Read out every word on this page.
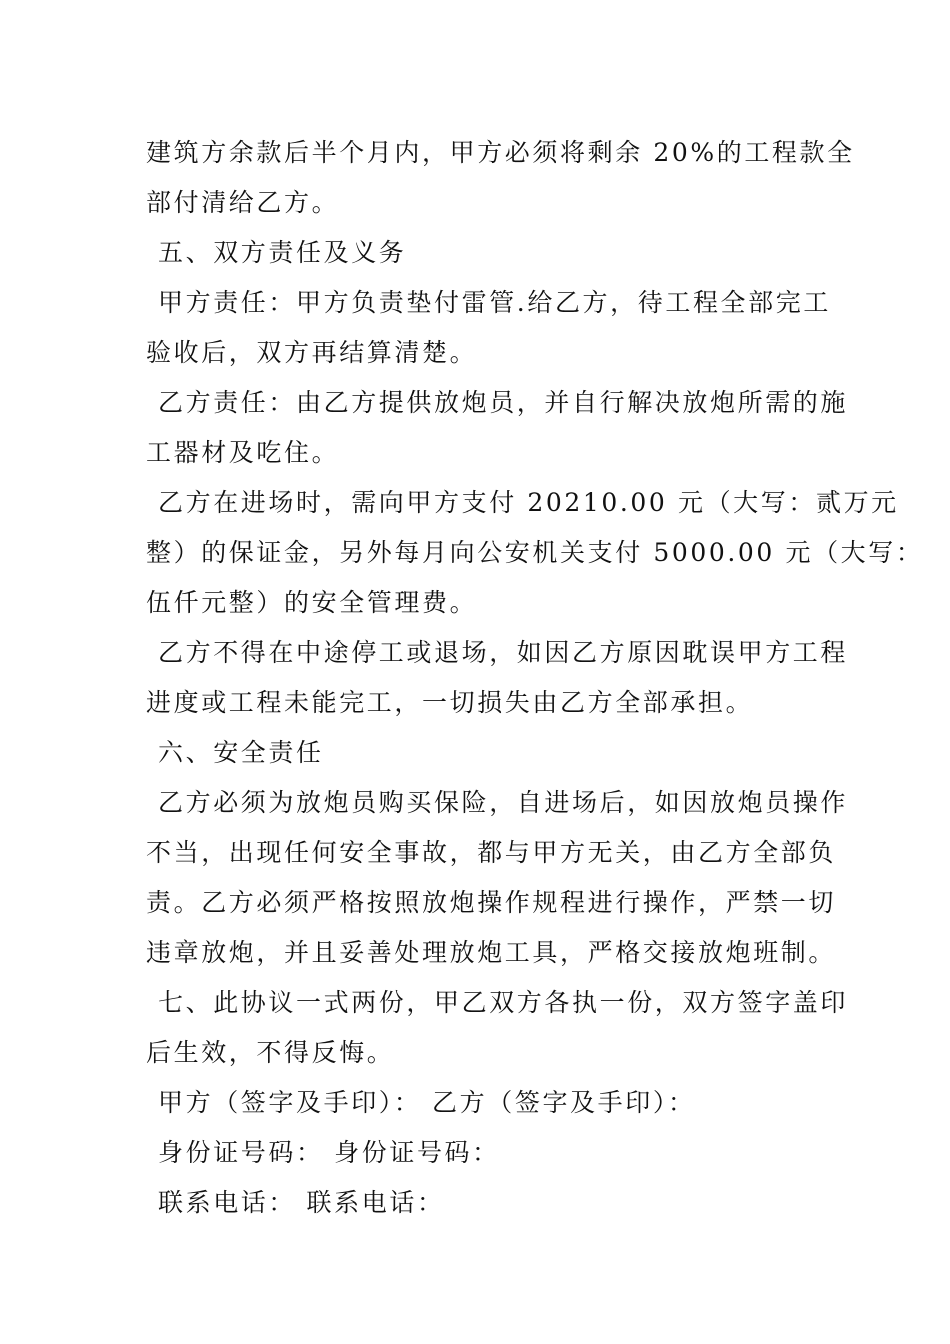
建筑方余款后半个月内，甲方必须将剩余 20%的工程款全
部付清给乙方。
五、双方责任及义务
甲方责任：甲方负责垫付雷管.给乙方，待工程全部完工
验收后，双方再结算清楚。
乙方责任：由乙方提供放炮员，并自行解决放炮所需的施
工器材及吃住。
乙方在进场时，需向甲方支付 20210.00 元（大写：贰万元
整）的保证金，另外每月向公安机关支付 5000.00 元（大写：
伍仟元整）的安全管理费。
乙方不得在中途停工或退场，如因乙方原因耽误甲方工程
进度或工程未能完工，一切损失由乙方全部承担。
六、安全责任
乙方必须为放炮员购买保险，自进场后，如因放炮员操作
不当，出现任何安全事故，都与甲方无关，由乙方全部负
责。乙方必须严格按照放炮操作规程进行操作，严禁一切
违章放炮，并且妥善处理放炮工具，严格交接放炮班制。
七、此协议一式两份，甲乙双方各执一份，双方签字盖印
后生效，不得反悔。
甲方（签字及手印）： 乙方（签字及手印）：
身份证号码： 身份证号码：
联系电话： 联系电话：
